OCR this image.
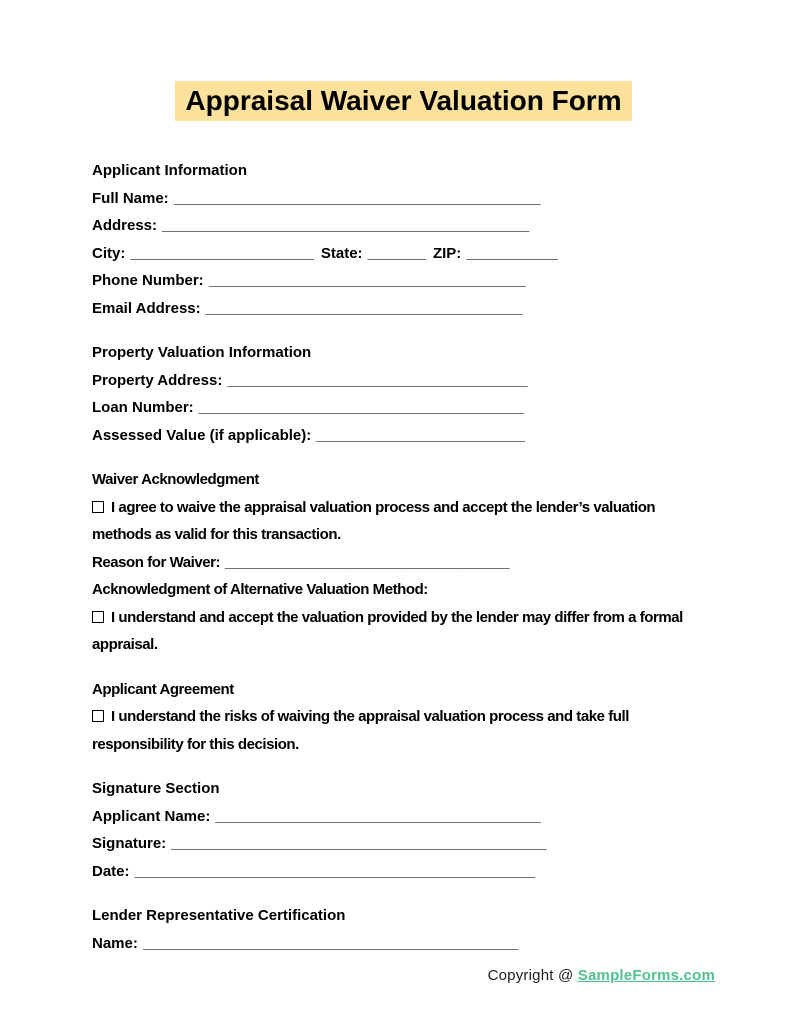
Appraisal Waiver Valuation Form

Applicant Information

Full Name: ____________________________________________

Address: ____________________________________________

City: ______________________ State: _______ ZIP: ___________

Phone Number: ______________________________________

Email Address: ______________________________________

Property Valuation Information

Property Address: ____________________________________

Loan Number: _______________________________________

Assessed Value (if applicable): _________________________

Waiver Acknowledgment

I agree to waive the appraisal valuation process and accept the lender’s valuation methods as valid for this transaction.

Reason for Waiver: ____________________________________

Acknowledgment of Alternative Valuation Method:

I understand and accept the valuation provided by the lender may differ from a formal appraisal.

Applicant Agreement

I understand the risks of waiving the appraisal valuation process and take full responsibility for this decision.

Signature Section

Applicant Name: _______________________________________

Signature: _____________________________________________

Date: ________________________________________________

Lender Representative Certification

Name: _____________________________________________

Copyright @ SampleForms.com
